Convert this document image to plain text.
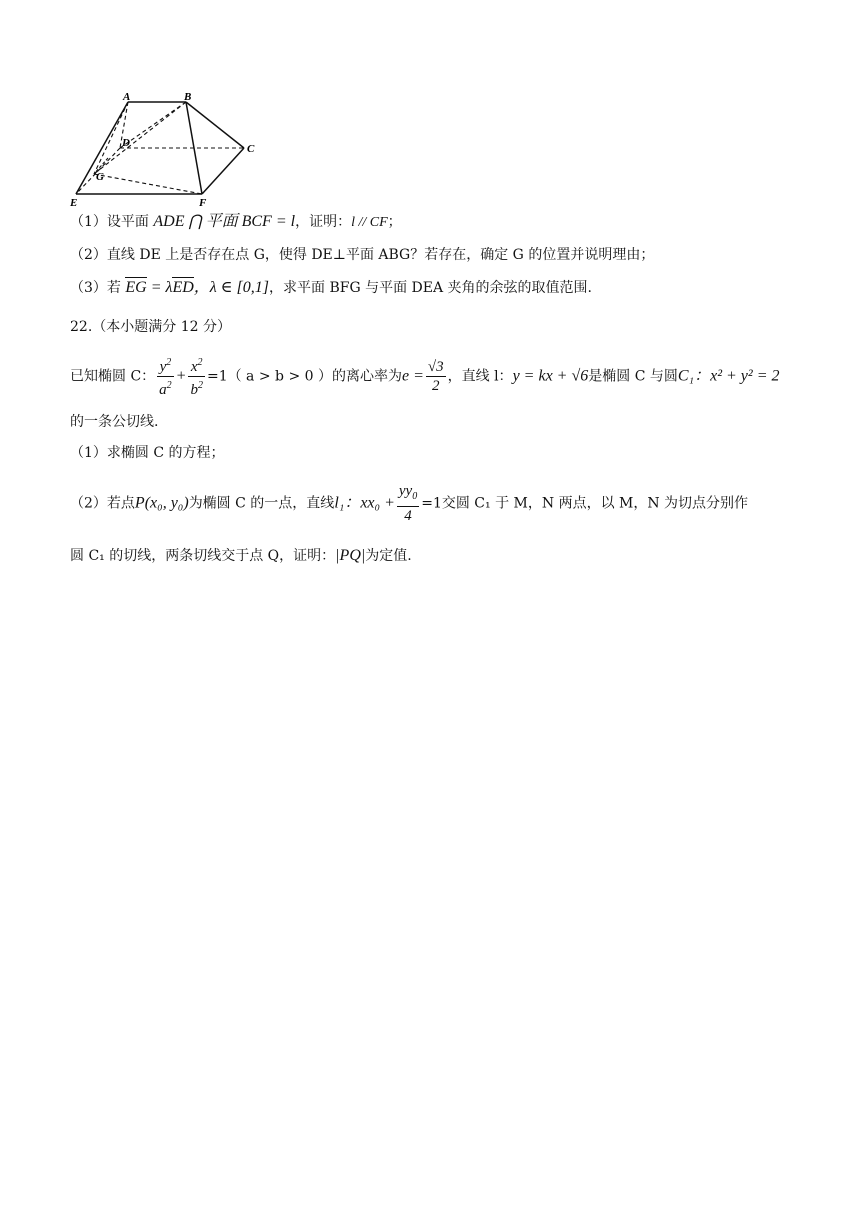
A	B
C
D
E	F
G
（1）设平面 ADE ⋂ 平面 BCF = l，证明：l // CF；
（2）直线 DE 上是否存在点 G，使得 DE⊥平面 ABG？若存在，确定 G 的位置并说明理由；
（3）若 EG = λED，λ ∈ [0,1]，求平面 BFG 与平面 DEA 夹角的余弦的取值范围.
22.（本小题满分 12 分）
已知椭圆 C： $\frac{y^2}{a^2} + \frac{x^2}{b^2} =1$（ a > b > 0 ）的离心率为$e = \frac{√3}{2}$ ，直线 l：y = kx + √6是椭圆 C 与圆C₁：x² + y² = 2
的一条公切线.
（1）求椭圆 C 的方程；
（2）若点P(x₀, y₀)为椭圆 C 的一点，直线l₁：$xx_0 + \frac{yy_0}{4} =1$交圆 C₁ 于 M，N 两点，以 M，N 为切点分别作
圆 C₁ 的切线，两条切线交于点 Q，证明：|PQ|为定值.
